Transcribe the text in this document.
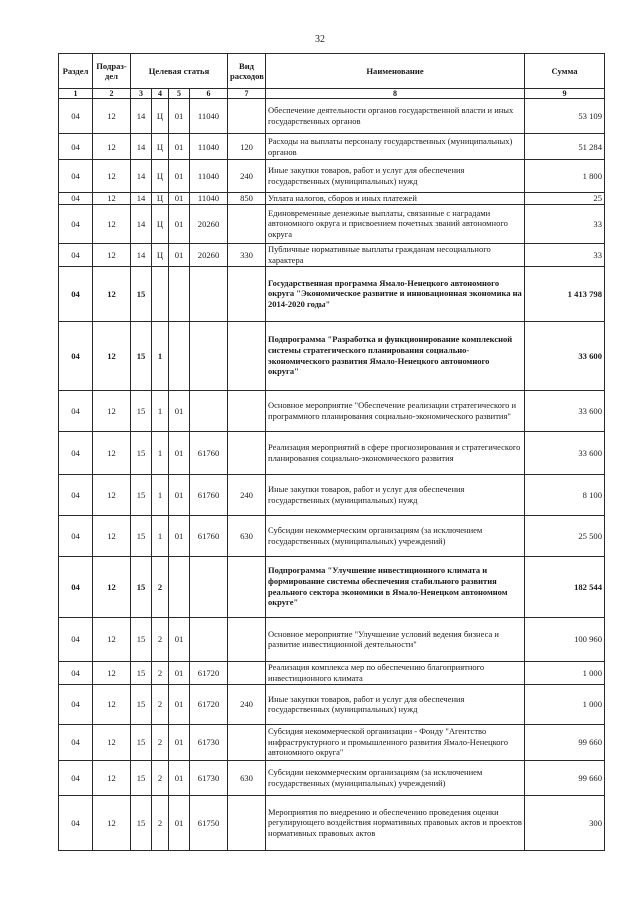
32
Раздел	Подраз-дел	Целевая статья				Вид расходов	Наименование	Сумма
1	2	3	4	5	6	7	8	9
04	12	14	Ц	01	11040		Обеспечение деятельности органов государственной власти и иных государственных органов	53 109
04	12	14	Ц	01	11040	120	Расходы на выплаты персоналу государственных (муниципальных) органов	51 284
04	12	14	Ц	01	11040	240	Иные закупки товаров, работ и услуг для обеспечения государственных (муниципальных) нужд	1 800
04	12	14	Ц	01	11040	850	Уплата налогов, сборов и иных платежей	25
04	12	14	Ц	01	20260		Единовременные денежные выплаты, связанные с наградами автономного округа и присвоением почетных званий автономного округа	33
04	12	14	Ц	01	20260	330	Публичные нормативные выплаты гражданам несоциального характера	33
04	12	15					Государственная программа Ямало-Ненецкого автономного округа "Экономическое развитие и инновационная экономика на 2014-2020 годы"	1 413 798
04	12	15	1				Подпрограмма "Разработка и функционирование комплексной системы стратегического планирования социально-экономического развития Ямало-Ненецкого автономного округа"	33 600
04	12	15	1	01			Основное мероприятие "Обеспечение реализации стратегического и программного планирования социально-экономического развития"	33 600
04	12	15	1	01	61760		Реализация мероприятий в сфере прогнозирования и стратегического планирования социально-экономического развития	33 600
04	12	15	1	01	61760	240	Иные закупки товаров, работ и услуг для обеспечения государственных (муниципальных) нужд	8 100
04	12	15	1	01	61760	630	Субсидии некоммерческим организациям (за исключением государственных (муниципальных) учреждений)	25 500
04	12	15	2				Подпрограмма "Улучшение инвестиционного климата и формирование системы обеспечения стабильного развития реального сектора экономики в Ямало-Ненецком автономном округе"	182 544
04	12	15	2	01			Основное мероприятие "Улучшение условий ведения бизнеса и развитие инвестиционной деятельности"	100 960
04	12	15	2	01	61720		Реализация комплекса мер по обеспечению благоприятного инвестиционного климата	1 000
04	12	15	2	01	61720	240	Иные закупки товаров, работ и услуг для обеспечения государственных (муниципальных) нужд	1 000
04	12	15	2	01	61730		Субсидия некоммерческой организации - Фонду "Агентство инфраструктурного и промышленного развития Ямало-Ненецкого автономного округа"	99 660
04	12	15	2	01	61730	630	Субсидии некоммерческим организациям (за исключением государственных (муниципальных) учреждений)	99 660
04	12	15	2	01	61750		Мероприятия по внедрению и обеспечению проведения оценки регулирующего воздействия нормативных правовых актов и проектов нормативных правовых актов	300
